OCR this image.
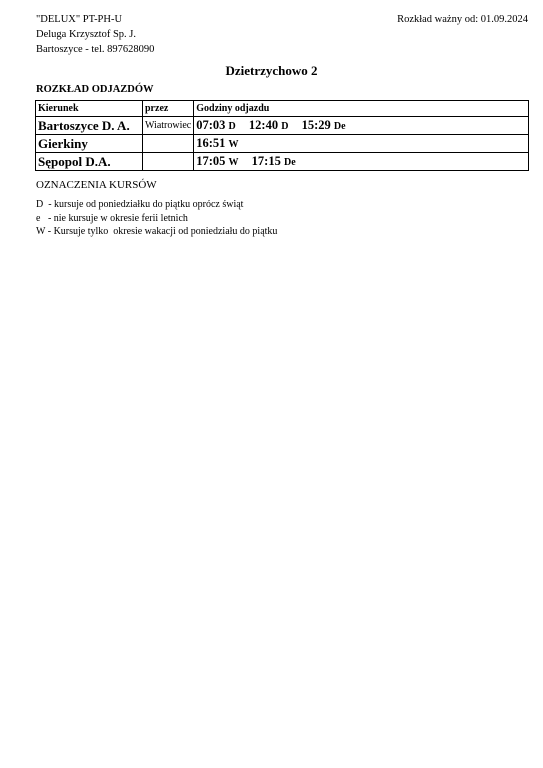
"DELUX" PT-PH-U
Deluga Krzysztof Sp. J.
Bartoszyce - tel. 897628090
Rozkład ważny od: 01.09.2024
Dzietrzychowo 2
ROZKŁAD ODJAZDÓW
Kierunek	przez	Godziny odjazdu
Bartoszyce D. A.	Wiatrowiec	07:03 D 12:40 D 15:29 De
Gierkiny		16:51 W
Sępopol D.A.		17:05 W 17:15 De
OZNACZENIA KURSÓW
D  - kursuje od poniedziałku do piątku oprócz świąt
e   - nie kursuje w okresie ferii letnich
W - Kursuje tylko  okresie wakacji od poniedziału do piątku
